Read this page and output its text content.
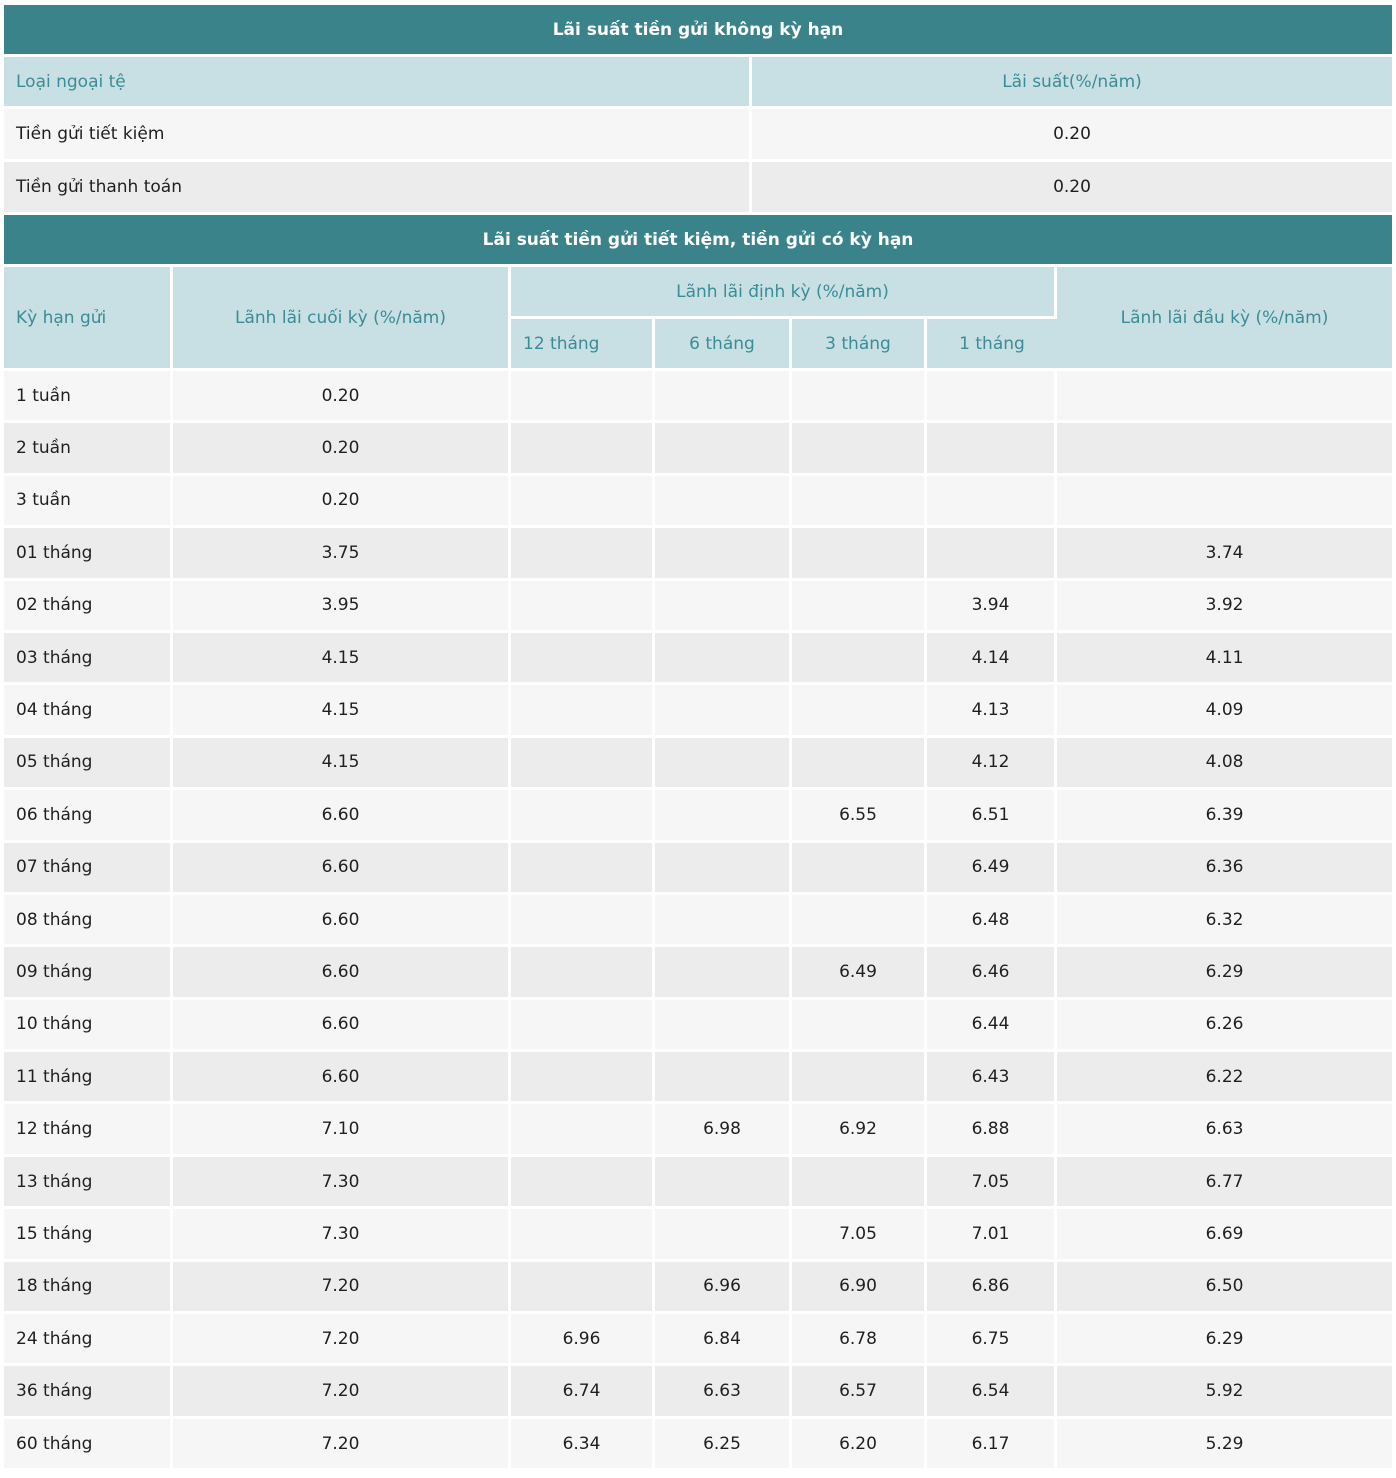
Lãi suất tiền gửi không kỳ hạn	
Loại ngoại tệ	Lãi suất(%/năm)
Tiền gửi tiết kiệm	0.20
Tiền gửi thanh toán	0.20
Lãi suất tiền gửi tiết kiệm, tiền gửi có kỳ hạn						
Kỳ hạn gửi	Lãnh lãi cuối kỳ (%/năm)	Lãnh lãi định kỳ (%/năm)				Lãnh lãi đầu kỳ (%/năm)
		12 tháng	6 tháng	3 tháng	1 tháng	
1 tuần	0.20					
2 tuần	0.20					
3 tuần	0.20					
01 tháng	3.75					3.74
02 tháng	3.95				3.94	3.92
03 tháng	4.15				4.14	4.11
04 tháng	4.15				4.13	4.09
05 tháng	4.15				4.12	4.08
06 tháng	6.60			6.55	6.51	6.39
07 tháng	6.60				6.49	6.36
08 tháng	6.60				6.48	6.32
09 tháng	6.60			6.49	6.46	6.29
10 tháng	6.60				6.44	6.26
11 tháng	6.60				6.43	6.22
12 tháng	7.10		6.98	6.92	6.88	6.63
13 tháng	7.30				7.05	6.77
15 tháng	7.30			7.05	7.01	6.69
18 tháng	7.20		6.96	6.90	6.86	6.50
24 tháng	7.20	6.96	6.84	6.78	6.75	6.29
36 tháng	7.20	6.74	6.63	6.57	6.54	5.92
60 tháng	7.20	6.34	6.25	6.20	6.17	5.29
